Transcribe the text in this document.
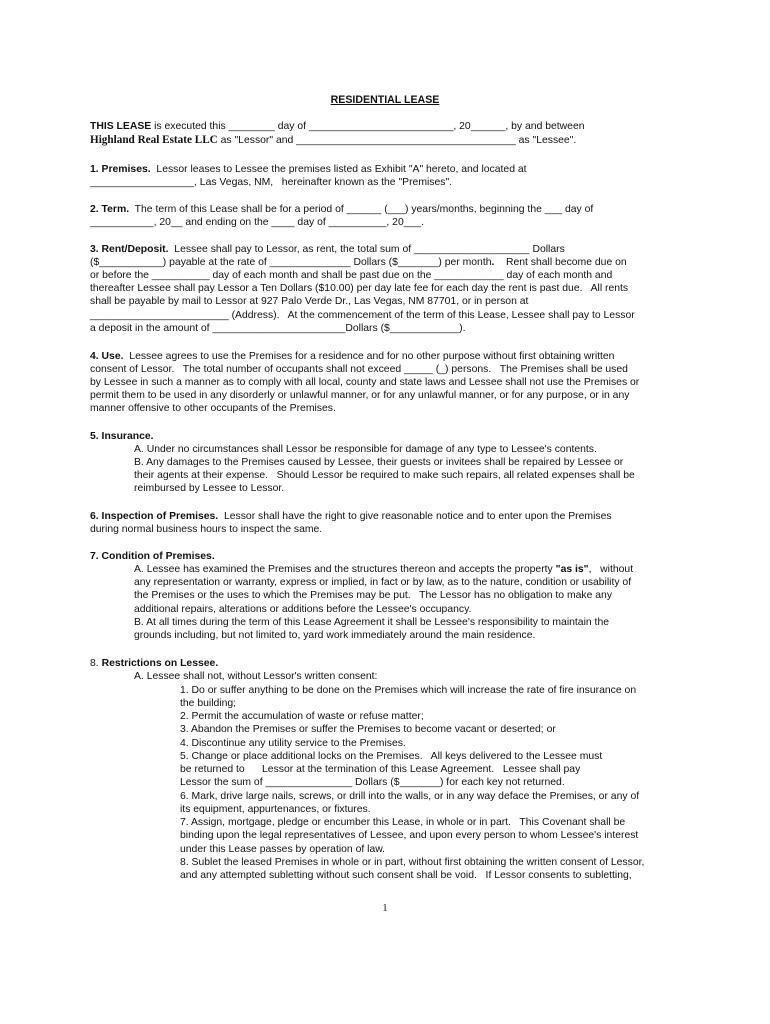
RESIDENTIAL LEASE
THIS LEASE is executed this ________ day of _________________________, 20______, by and between
Highland Real Estate LLC as "Lessor" and ______________________________________ as "Lessee".
1. Premises.  Lessor leases to Lessee the premises listed as Exhibit "A" hereto, and located at
__________________, Las Vegas, NM,   hereinafter known as the "Premises".
2. Term.  The term of this Lease shall be for a period of ______ (___) years/months, beginning the ___ day of
___________, 20__ and ending on the ____ day of __________, 20___.
3. Rent/Deposit.  Lessee shall pay to Lessor, as rent, the total sum of ____________________ Dollars
($___________) payable at the rate of ______________ Dollars ($_______) per month.    Rent shall become due on
or before the __________ day of each month and shall be past due on the ____________ day of each month and
thereafter Lessee shall pay Lessor a Ten Dollars ($10.00) per day late fee for each day the rent is past due.   All rents
shall be payable by mail to Lessor at 927 Palo Verde Dr., Las Vegas, NM 87701, or in person at
________________________ (Address).   At the commencement of the term of this Lease, Lessee shall pay to Lessor
a deposit in the amount of _______________________Dollars ($____________).
4. Use.  Lessee agrees to use the Premises for a residence and for no other purpose without first obtaining written
consent of Lessor.   The total number of occupants shall not exceed _____ (_) persons.   The Premises shall be used
by Lessee in such a manner as to comply with all local, county and state laws and Lessee shall not use the Premises or
permit them to be used in any disorderly or unlawful manner, or for any unlawful manner, or for any purpose, or in any
manner offensive to other occupants of the Premises.
5. Insurance.
A. Under no circumstances shall Lessor be responsible for damage of any type to Lessee's contents.
B. Any damages to the Premises caused by Lessee, their guests or invitees shall be repaired by Lessee or
their agents at their expense.   Should Lessor be required to make such repairs, all related expenses shall be
reimbursed by Lessee to Lessor.
6. Inspection of Premises.  Lessor shall have the right to give reasonable notice and to enter upon the Premises
during normal business hours to inspect the same.
7. Condition of Premises.
A. Lessee has examined the Premises and the structures thereon and accepts the property "as is",   without
any representation or warranty, express or implied, in fact or by law, as to the nature, condition or usability of
the Premises or the uses to which the Premises may be put.   The Lessor has no obligation to make any
additional repairs, alterations or additions before the Lessee's occupancy.
B. At all times during the term of this Lease Agreement it shall be Lessee's responsibility to maintain the
grounds including, but not limited to, yard work immediately around the main residence.
8. Restrictions on Lessee.
A. Lessee shall not, without Lessor's written consent:
1. Do or suffer anything to be done on the Premises which will increase the rate of fire insurance on
the building;
2. Permit the accumulation of waste or refuse matter;
3. Abandon the Premises or suffer the Premises to become vacant or deserted; or
4. Discontinue any utility service to the Premises.
5. Change or place additional locks on the Premises.   All keys delivered to the Lessee must
be returned to      Lessor at the termination of this Lease Agreement.   Lessee shall pay
Lessor the sum of _______________ Dollars ($_______) for each key not returned.
6. Mark, drive large nails, screws, or drill into the walls, or in any way deface the Premises, or any of
its equipment, appurtenances, or fixtures.
7. Assign, mortgage, pledge or encumber this Lease, in whole or in part.   This Covenant shall be
binding upon the legal representatives of Lessee, and upon every person to whom Lessee's interest
under this Lease passes by operation of law.
8. Sublet the leased Premises in whole or in part, without first obtaining the written consent of Lessor,
and any attempted subletting without such consent shall be void.   If Lessor consents to subletting,
1
